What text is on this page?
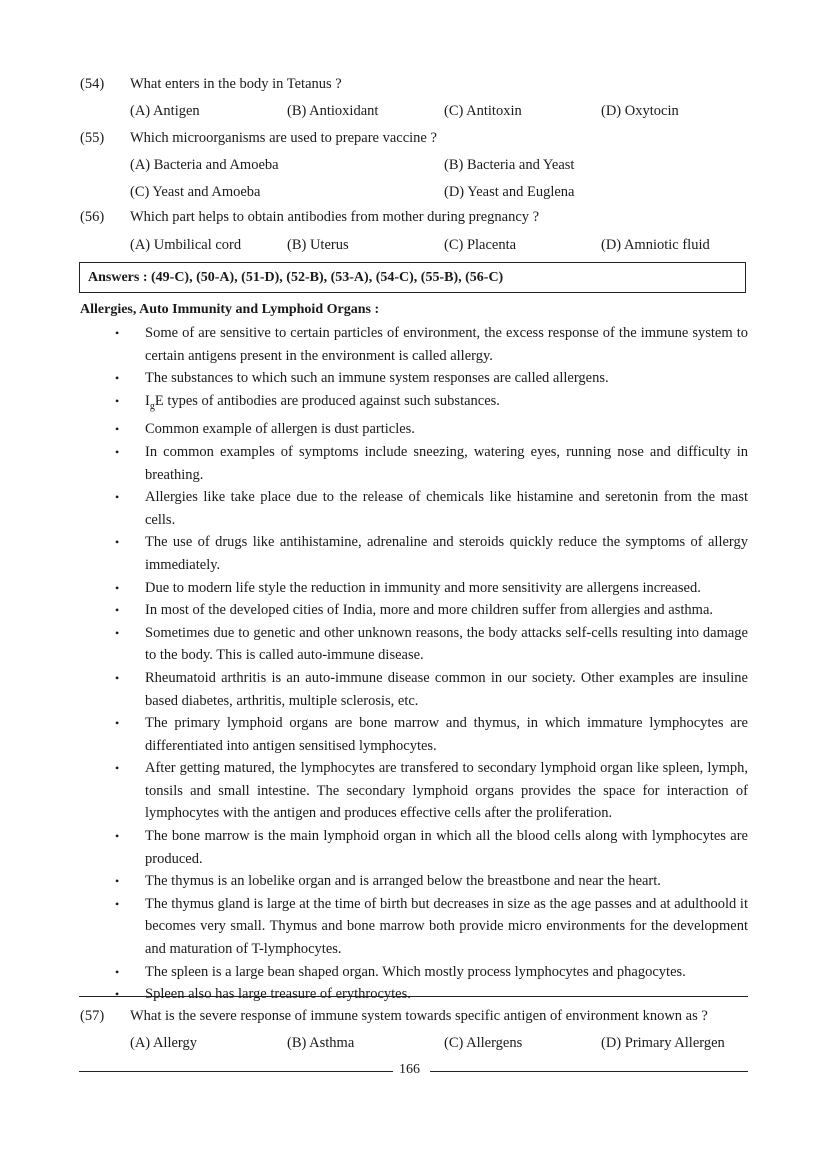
(54) What enters in the body in Tetanus ?
(A) Antigen	(B) Antioxidant	(C) Antitoxin	(D) Oxytocin
(55) Which microorganisms are used to prepare vaccine ?
(A) Bacteria and Amoeba	(B) Bacteria and Yeast
(C) Yeast and Amoeba	(D) Yeast and Euglena
(56) Which part helps to obtain antibodies from mother during pregnancy ?
(A) Umbilical cord	(B) Uterus	(C) Placenta	(D) Amniotic fluid
Answers : (49-C), (50-A), (51-D), (52-B), (53-A), (54-C), (55-B), (56-C)
Allergies, Auto Immunity and Lymphoid Organs :
• Some of are sensitive to certain particles of environment, the excess response of the immune system to certain antigens present in the environment is called allergy.
• The substances to which such an immune system responses are called allergens.
• $I_gE$ types of antibodies are produced against such substances.
• Common example of allergen is dust particles.
• In common examples of symptoms include sneezing, watering eyes, running nose and difficulty in breathing.
• Allergies like take place due to the release of chemicals like histamine and seretonin from the mast cells.
• The use of drugs like antihistamine, adrenaline and steroids quickly reduce the symptoms of allergy immediately.
• Due to modern life style the reduction in immunity and more sensitivity are allergens increased.
• In most of the developed cities of India, more and more children suffer from allergies and asthma.
• Sometimes due to genetic and other unknown reasons, the body attacks self-cells resulting into damage to the body. This is called auto-immune disease.
• Rheumatoid arthritis is an auto-immune disease common in our society. Other examples are insuline based diabetes, arthritis, multiple sclerosis, etc.
• The primary lymphoid organs are bone marrow and thymus, in which immature lymphocytes are differentiated into antigen sensitised lymphocytes.
• After getting matured, the lymphocytes are transfered to secondary lymphoid organ like spleen, lymph, tonsils and small intestine. The secondary lymphoid organs provides the space for interaction of lymphocytes with the antigen and produces effective cells after the proliferation.
• The bone marrow is the main lymphoid organ in which all the blood cells along with lymphocytes are produced.
• The thymus is an lobelike organ and is arranged below the breastbone and near the heart.
• The thymus gland is large at the time of birth but decreases in size as the age passes and at adulthoold it becomes very small. Thymus and bone marrow both provide micro environments for the development and maturation of T-lymphocytes.
• The spleen is a large bean shaped organ. Which mostly process lymphocytes and phagocytes.
• Spleen also has large treasure of erythrocytes.
(57) What is the severe response of immune system towards specific antigen of environment known as ?
(A) Allergy	(B) Asthma	(C) Allergens	(D) Primary Allergen
166
